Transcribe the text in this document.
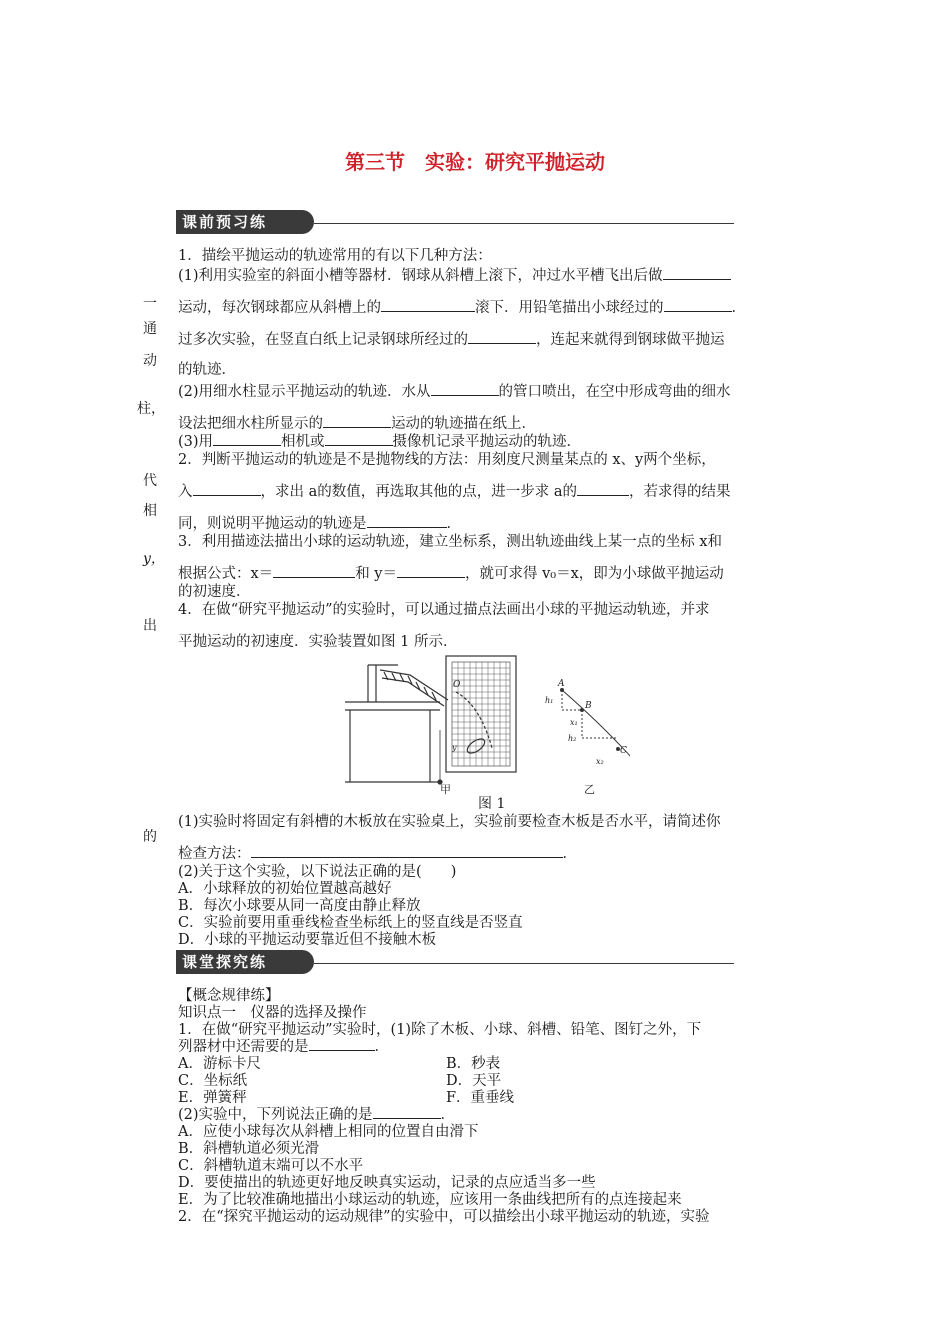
第三节　实验：研究平抛运动
课前预习练
一
通
动
柱，
代
相
y，
出
的
1．描绘平抛运动的轨迹常用的有以下几种方法：
(1)利用实验室的斜面小槽等器材．钢球从斜槽上滚下，冲过水平槽飞出后做
运动，每次钢球都应从斜槽上的	滚下．用铅笔描出小球经过的	．
过多次实验，在竖直白纸上记录钢球所经过的	，连起来就得到钢球做平抛运
的轨迹．
(2)用细水柱显示平抛运动的轨迹．水从	的管口喷出，在空中形成弯曲的细水
设法把细水柱所显示的	运动的轨迹描在纸上．
(3)用	相机或	摄像机记录平抛运动的轨迹．
2．判断平抛运动的轨迹是不是抛物线的方法：用刻度尺测量某点的 x、y两个坐标，
入	，求出 a的数值，再选取其他的点，进一步求 a的	，若求得的结果
同，则说明平抛运动的轨迹是	．
3．利用描迹法描出小球的运动轨迹，建立坐标系，测出轨迹曲线上某一点的坐标 x和
根据公式：x＝	和 y＝	，就可求得 v₀＝x，即为小球做平抛运动
的初速度．
4．在做“研究平抛运动”的实验时，可以通过描点法画出小球的平抛运动轨迹，并求
平抛运动的初速度．实验装置如图 1 所示．
O
y
甲
A
B
C
h₁
x₁
h₂
x₂
乙
图 1
(1)实验时将固定有斜槽的木板放在实验桌上，实验前要检查木板是否水平，请简述你
检查方法：	．
(2)关于这个实验，以下说法正确的是(　　)
A．小球释放的初始位置越高越好
B．每次小球要从同一高度由静止释放
C．实验前要用重垂线检查坐标纸上的竖直线是否竖直
D．小球的平抛运动要靠近但不接触木板
课堂探究练
【概念规律练】
知识点一　仪器的选择及操作
1．在做“研究平抛运动”实验时，(1)除了木板、小球、斜槽、铅笔、图钉之外，下
列器材中还需要的是	．
A．游标卡尺	B．秒表
C．坐标纸	D．天平
E．弹簧秤	F．重垂线
(2)实验中，下列说法正确的是	．
A．应使小球每次从斜槽上相同的位置自由滑下
B．斜槽轨道必须光滑
C．斜槽轨道末端可以不水平
D．要使描出的轨迹更好地反映真实运动，记录的点应适当多一些
E．为了比较准确地描出小球运动的轨迹，应该用一条曲线把所有的点连接起来
2．在“探究平抛运动的运动规律”的实验中，可以描绘出小球平抛运动的轨迹，实验
